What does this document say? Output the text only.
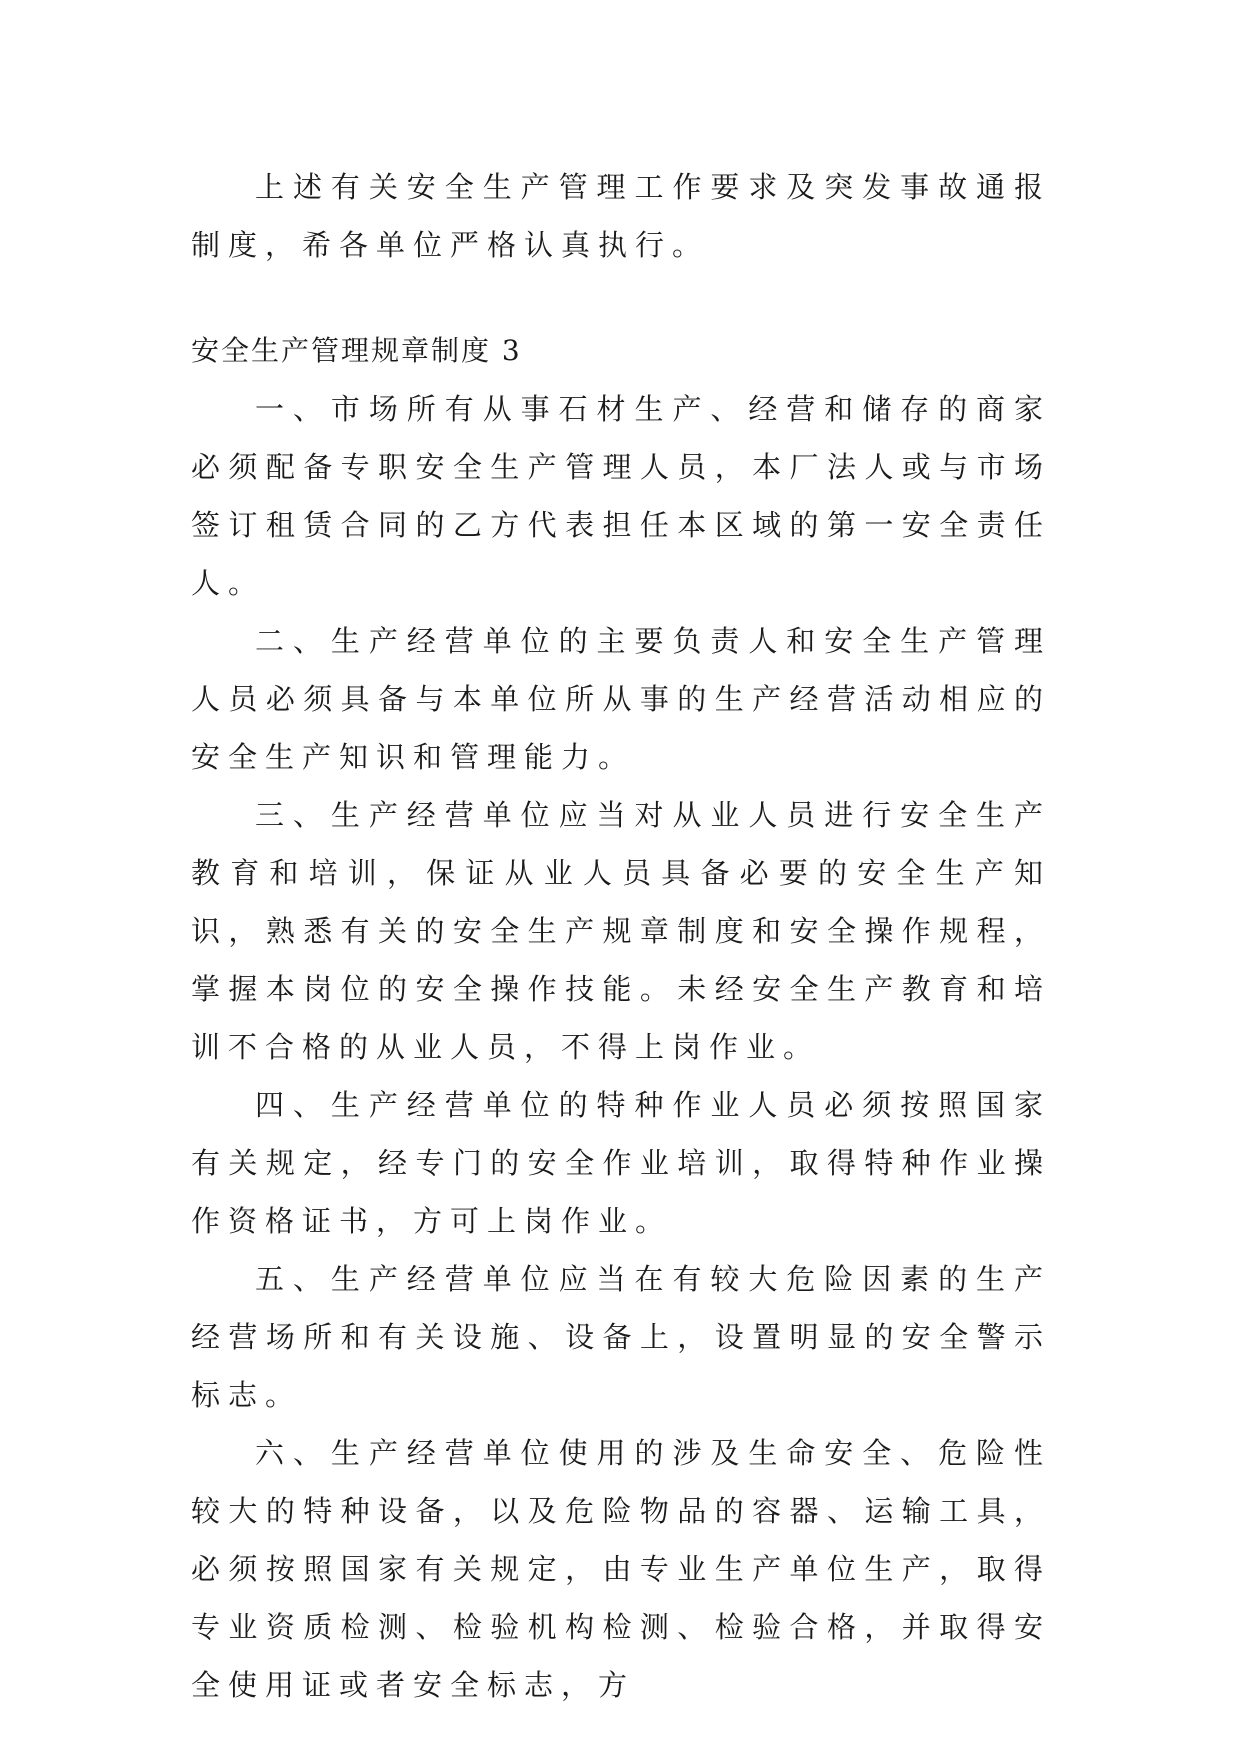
上述有关安全生产管理工作要求及突发事故通报制度，希各单位严格认真执行。

安全生产管理规章制度 3

一、市场所有从事石材生产、经营和储存的商家必须配备专职安全生产管理人员，本厂法人或与市场签订租赁合同的乙方代表担任本区域的第一安全责任人。

二、生产经营单位的主要负责人和安全生产管理人员必须具备与本单位所从事的生产经营活动相应的安全生产知识和管理能力。

三、生产经营单位应当对从业人员进行安全生产教育和培训，保证从业人员具备必要的安全生产知识，熟悉有关的安全生产规章制度和安全操作规程，掌握本岗位的安全操作技能。未经安全生产教育和培训不合格的从业人员，不得上岗作业。

四、生产经营单位的特种作业人员必须按照国家有关规定，经专门的安全作业培训，取得特种作业操作资格证书，方可上岗作业。

五、生产经营单位应当在有较大危险因素的生产经营场所和有关设施、设备上，设置明显的安全警示标志。

六、生产经营单位使用的涉及生命安全、危险性较大的特种设备，以及危险物品的容器、运输工具，必须按照国家有关规定，由专业生产单位生产，取得专业资质检测、检验机构检测、检验合格，并取得安全使用证或者安全标志，方
